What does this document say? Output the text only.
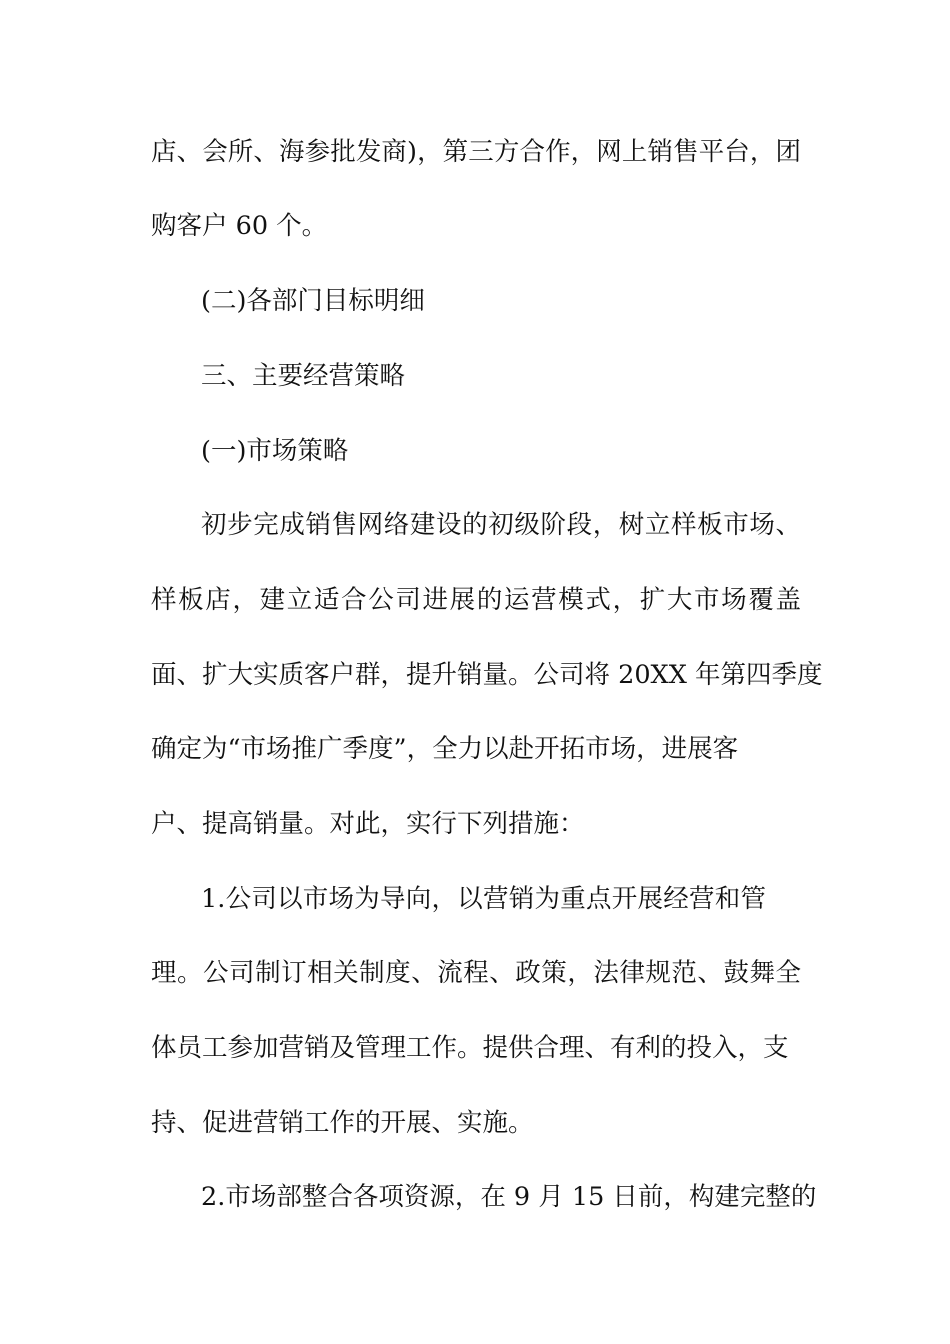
店、会所、海参批发商)，第三方合作，网上销售平台，团
购客户 60 个。
(二)各部门目标明细
三、主要经营策略
(一)市场策略
初步完成销售网络建设的初级阶段，树立样板市场、
样板店，建立适合公司进展的运营模式，扩大市场覆盖
面、扩大实质客户群，提升销量。公司将 20XX 年第四季度
确定为“市场推广季度”，全力以赴开拓市场，进展客
户、提高销量。对此，实行下列措施：
1.公司以市场为导向，以营销为重点开展经营和管
理。公司制订相关制度、流程、政策，法律规范、鼓舞全
体员工参加营销及管理工作。提供合理、有利的投入，支
持、促进营销工作的开展、实施。
2.市场部整合各项资源，在 9 月 15 日前，构建完整的
